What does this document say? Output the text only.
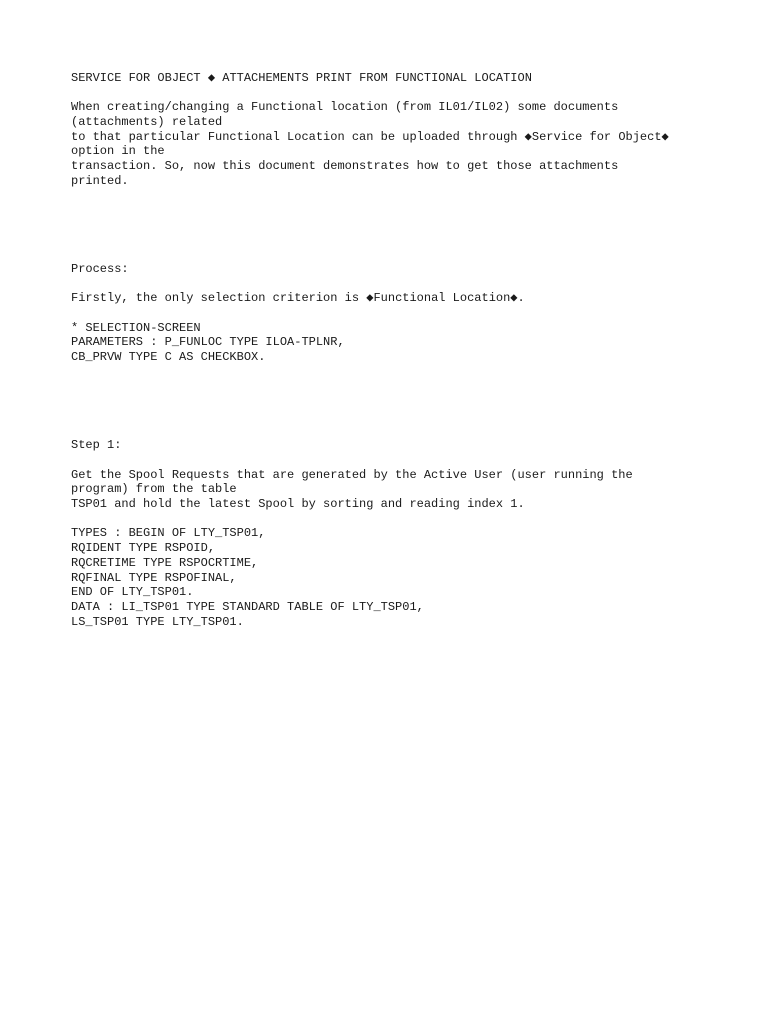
SERVICE FOR OBJECT ◆ ATTACHEMENTS PRINT FROM FUNCTIONAL LOCATION
When creating/changing a Functional location (from IL01/IL02) some documents
(attachments) related
to that particular Functional Location can be uploaded through ◆Service for Object◆
option in the
transaction. So, now this document demonstrates how to get those attachments
printed.
Process:
Firstly, the only selection criterion is ◆Functional Location◆.
* SELECTION-SCREEN
PARAMETERS : P_FUNLOC TYPE ILOA-TPLNR,
CB_PRVW TYPE C AS CHECKBOX.
Step 1:
Get the Spool Requests that are generated by the Active User (user running the
program) from the table
TSP01 and hold the latest Spool by sorting and reading index 1.
TYPES : BEGIN OF LTY_TSP01,
RQIDENT TYPE RSPOID,
RQCRETIME TYPE RSPOCRTIME,
RQFINAL TYPE RSPOFINAL,
END OF LTY_TSP01.
DATA : LI_TSP01 TYPE STANDARD TABLE OF LTY_TSP01,
LS_TSP01 TYPE LTY_TSP01.
